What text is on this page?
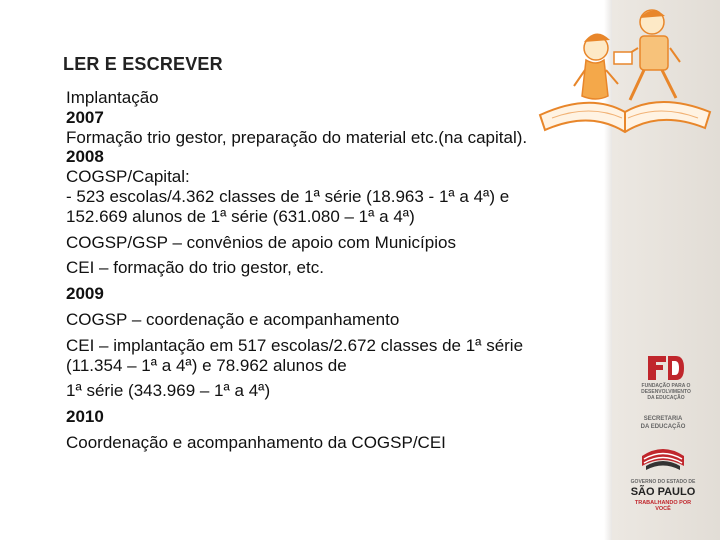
LER E ESCREVER
Implantação
2007
Formação trio gestor, preparação do material etc.(na capital).
2008
COGSP/Capital:
- 523 escolas/4.362 classes de 1ª série (18.963 - 1ª a 4ª) e
152.669 alunos de 1ª série (631.080 – 1ª a 4ª)
COGSP/GSP – convênios de apoio com Municípios
CEI – formação do trio gestor, etc.
2009
COGSP – coordenação e acompanhamento
CEI – implantação em 517 escolas/2.672 classes de 1ª série
(11.354 – 1ª a 4ª) e 78.962 alunos de
1ª série (343.969 – 1ª a 4ª)
2010
Coordenação e acompanhamento da COGSP/CEI
FUNDAÇÃO PARA O DESENVOLVIMENTO DA EDUCAÇÃO
SECRETARIA
DA EDUCAÇÃO
GOVERNO DO ESTADO DE
SÃO PAULO
TRABALHANDO POR VOCÊ
